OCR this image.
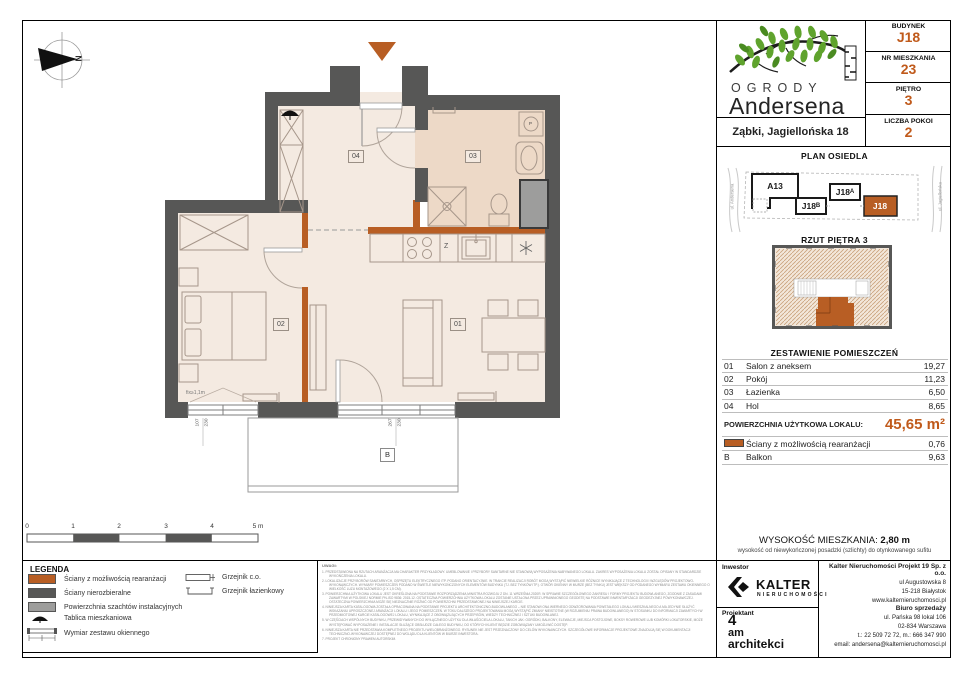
N
01
02
03
04
B
Z
P
fix≥1,1m
107 230	267 230
0	1	2	3	4	5 m
OGRODY
Andersena
Ząbki, Jagiellońska 18
BUDYNEK
J18
NR MIESZKANIA
23
PIĘTRO
3
LICZBA POKOI
2
PLAN OSIEDLA
A13
J18 B
J18 A
J18
ul. Andersena	ul. Jagiellońska
RZUT PIĘTRA 3
ZESTAWIENIE POMIESZCZEŃ
01	Salon z aneksem	19,27
02	Pokój	11,23
03	Łazienka	6,50
04	Hol	8,65
POWIERZCHNIA UŻYTKOWA LOKALU: 45,65 m²
Ściany z możliwością rearanżacji	0,76
B	Balkon	9,63
WYSOKOŚĆ MIESZKANIA: 2,80 m
wysokość od niewykończonej posadzki (szlichty) do otynkowanego sufitu
Inwestor
KALTER
NIERUCHOMOŚCI
Projektant
4
am
architekci
Kalter Nieruchomości Projekt 19 Sp. z o.o.
ul Augustowska 8
15-218 Białystok
www.kalternieruchomosci.pl
Biuro sprzedaży
ul. Pańska 98 lokal 106
02-834 Warszawa
t.: 22 509 72 72, m.: 666 347 990
email: andersena@kalternieruchomosci.pl
LEGENDA
Ściany z możliwością rearanżacji
Ściany nierozbieralne
Powierzchnia szachtów instalacyjnych
Tablica mieszkaniowa
Wymiar zestawu okiennego
Grzejnik c.o.
Grzejnik łazienkowy
UWAGI:
1. PRZEDSTAWIONA NA RZUTACH ARANŻACJA MA CHARAKTER PRZYKŁADOWY. UMEBLOWANIE I PRZYBORY SANITARNE NIE STANOWIĄ WYPOSAŻENIA NABYWANEGO LOKALU. ZAKRES WYPOSAŻENIA LOKALU ZOSTAŁ OPISANY W STANDARDZIE WYKOŃCZENIA LOKALU.
2. LOKALIZACJE PRZYBORÓW SANITARNYCH, OSPRZĘTU ELEKTRYCZNEGO ITP. PODANO ORIENTACYJNIE. W TRAKCIE REALIZACJI ROBÓT MOGĄ WYSTĄPIĆ NIEWIELKIE RÓŻNICE WYNIKAJĄCE Z TECHNOLOGII I WZGLĘDÓW PROJEKTOWO-WYKONAWCZYCH. WYMIARY POMIESZCZEŃ PODANO W ŚWIETLE NIEWYKOŃCZONYCH ELEMENTÓW BUDYNKU (TJ. BEZ TYNKÓW ITP.). OTWÓR OKIENNY W MURZE (BEZ TYNKU) JEST WIĘKSZY OD PODANEGO WYMIARU ZESTAWU OKIENNEGO O WIELKOŚĆ LUZU MONTAŻOWEGO (2 X 1,5 CM).
3. POWIERZCHNIA UŻYTKOWA LOKALU JEST OKREŚLONA NA PODSTAWIE ROZPORZĄDZENIA MINISTRA ROZWOJU Z DN. 11 WRZEŚNIA 2020R. W SPRAWIE SZCZEGÓŁOWEGO ZAKRESU I FORMY PROJEKTU BUDOWLANEGO, ZGODNIE Z ZASADAMI ZAWARTYMI W POLSKIEJ NORMIE PN-ISO 9836: 2015-12. OSTATECZNA POWIERZCHNIA UŻYTKOWA LOKALU ZOSTANIE USTALONA PRZEZ UPRAWNIONEGO GEODETĘ NA PODSTAWIE INWENTARYZACJI GEODEZYJNEJ POWYKONAWCZEJ. OSTATECZNA POWIERZCHNIA MOŻE SIĘ NIEZNACZNIE RÓŻNIĆ OD POWIERZCHNI PRZEDSTAWIONEJ NA NINIEJSZEJ KARCIE.
4. NINIEJSZA KARTA KATALOGOWA ZOSTAŁA OPRACOWANA NA PODSTAWIE PROJEKTU ARCHITEKTONICZNO-BUDOWLANEGO – NIE STANOWI ONA WIERNEGO ODWZOROWANIA POWSTAŁEGO LOKALU MIESZKALNEGO A MA JEDYNIE SŁUŻYĆ WSKAZANIU UPROSZCZONEJ ARANŻACJI LOKALU I JEGO POMIESZCZEŃ. W TOKU DALSZEGO PROJEKTOWANIA MOGĄ WYSTĄPIĆ ZMIANY NIEISTOTNE (W ROZUMIENIU PRAWA BUDOWLANEGO) W STOSUNKU DO INFORMACJI ZAWARTYCH W PRZEDMIOTOWEJ KARCIE KATALOGOWEJ LOKALU, WYNIKAJĄCE Z OBOWIĄZUJĄCYCH PRZEPISÓW, WIEDZY TECHNICZNEJ I SZTUKI BUDOWLANEJ.
5. W CZĘŚCIACH WSPÓLNYCH BUDYNKU, PRZEWIDYWANYCH DO WYŁĄCZNEGO UŻYTKU DLA WŁAŚCICIELA LOKALU, TAKICH JAK: OGRÓDKI, BALKONY, ELEWACJE, MIEJSCA POSTOJOWE, BOKSY ROWEROWE LUB KOMÓRKI LOKATORSKIE, MOŻE WYSTĘPOWAĆ WYPOSAŻENIE I INSTALACJE SŁUŻĄCE OBSŁUDZE CAŁEGO BUDYNKU, DO KTÓRYCH KLIENT BĘDZIE ZOBOWIĄZANY UMOŻLIWIĆ DOSTĘP.
6. NINIEJSZA KARTA NIE PRZEDSTAWIA KOMPLETNEGO PROJEKTU WIELOBRANŻOWEGO. RYSUNEK NIE JEST PRZEZNACZONY DO CELÓW WYKONAWCZYCH. SZCZEGÓŁOWE INFORMACJE PROJEKTOWE ZNAJDUJĄ SIĘ W DOKUMENTACJI TECHNICZNO-WYKONAWCZEJ DOSTĘPNEJ DO WGLĄDU DLA KLIENTÓW W BIURZE INWESTORA.
7. PROJEKT CHRONIONY PRAWEM AUTORSKIM.
